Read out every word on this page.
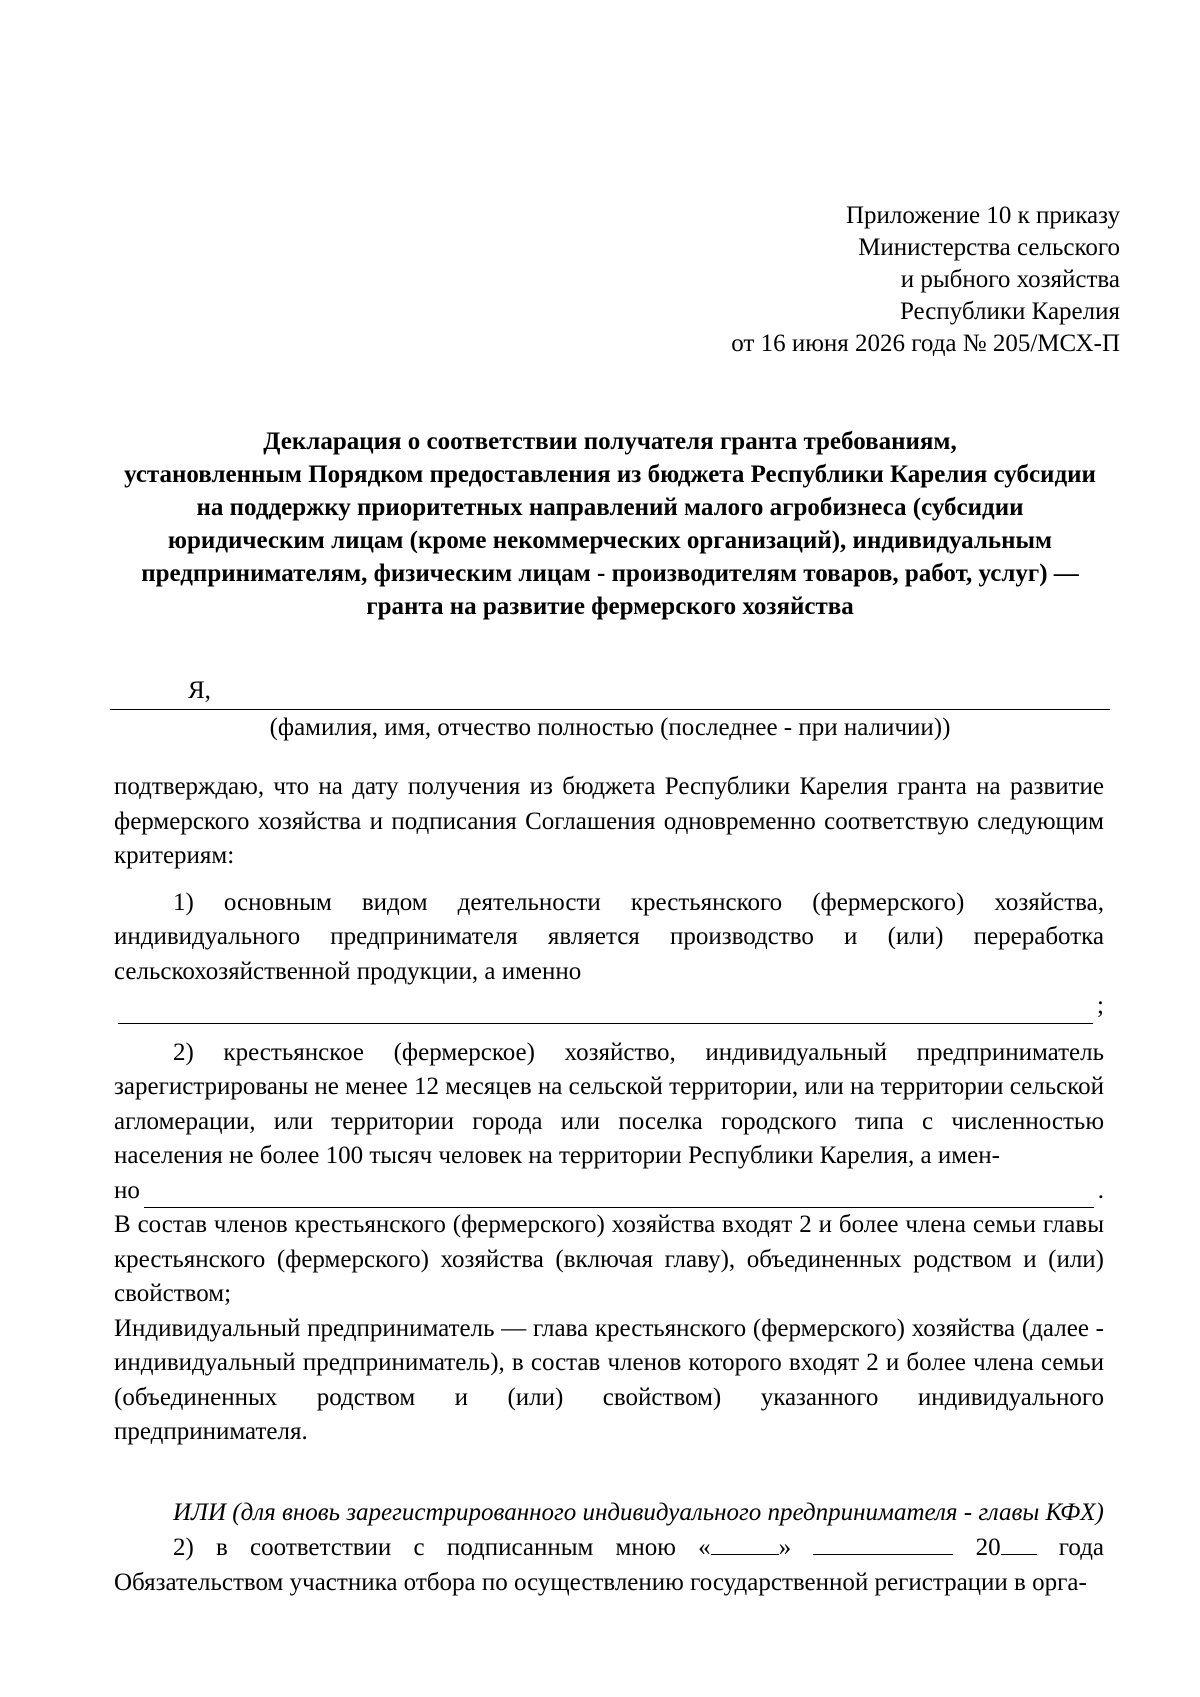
Приложение 10 к приказу
Министерства сельского
и рыбного хозяйства
Республики Карелия
от 16 июня 2026 года № 205/МСХ-П
Декларация о соответствии получателя гранта требованиям,
установленным Порядком предоставления из бюджета Республики Карелия субсидии
на поддержку приоритетных направлений малого агробизнеса (субсидии
юридическим лицам (кроме некоммерческих организаций), индивидуальным
предпринимателям, физическим лицам - производителям товаров, работ, услуг) —
гранта на развитие фермерского хозяйства
Я,
(фамилия, имя, отчество полностью (последнее - при наличии))

подтверждаю, что на дату получения из бюджета Республики Карелия гранта на развитие фермерского хозяйства и подписания Соглашения одновременно соответствую следующим критериям:

1) основным видом деятельности крестьянского (фермерского) хозяйства, индивидуального предпринимателя является производство и (или) переработка сельскохозяйственной продукции, а именно

;

2) крестьянское (фермерское) хозяйство, индивидуальный предприниматель зарегистрированы не менее 12 месяцев на сельской территории, или на территории сельской агломерации, или территории города или поселка городского типа с численностью населения не более 100 тысяч человек на территории Республики Карелия, а имен-

но	.

В состав членов крестьянского (фермерского) хозяйства входят 2 и более члена семьи главы крестьянского (фермерского) хозяйства (включая главу), объединенных родством и (или) свойством;

Индивидуальный предприниматель — глава крестьянского (фермерского) хозяйства (далее - индивидуальный предприниматель), в состав членов которого входят 2 и более члена семьи (объединенных родством и (или) свойством) указанного индивидуального предпринимателя.

ИЛИ (для вновь зарегистрированного индивидуального предпринимателя - главы КФХ)

2) в соответствии с подписанным мною «	»	20 года Обязательством участника отбора по осуществлению государственной регистрации в орга-
